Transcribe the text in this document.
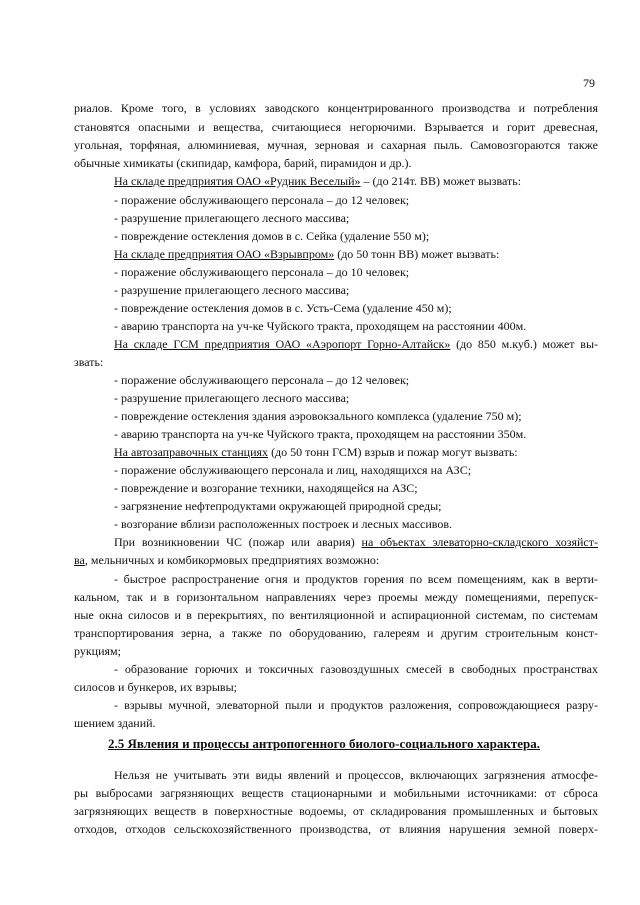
79
риалов. Кроме того, в условиях заводского концентрированного производства и потребления
становятся опасными и вещества, считающиеся негорючими. Взрывается и горит древесная,
угольная, торфяная, алюминиевая, мучная, зерновая и сахарная пыль. Самовозгораются также
обычные химикаты (скипидар, камфора, барий, пирамидон и др.).
На складе предприятия ОАО «Рудник Веселый» – (до 214т. ВВ) может вызвать:
- поражение обслуживающего персонала – до 12 человек;
- разрушение прилегающего лесного массива;
- повреждение остекления домов в с. Сейка (удаление 550 м);
На складе предприятия ОАО «Взрывпром» (до 50 тонн ВВ) может вызвать:
- поражение обслуживающего персонала – до 10 человек;
- разрушение прилегающего лесного массива;
- повреждение остекления домов в с. Усть-Сема (удаление 450 м);
- аварию транспорта на уч-ке Чуйского тракта, проходящем на расстоянии 400м.
На складе ГСМ предприятия ОАО «Аэропорт Горно-Алтайск» (до 850 м.куб.) может вы-
звать:
- поражение обслуживающего персонала – до 12 человек;
- разрушение прилегающего лесного массива;
- повреждение остекления здания аэровокзального комплекса (удаление 750 м);
- аварию транспорта на уч-ке Чуйского тракта, проходящем на расстоянии 350м.
На автозаправочных станциях (до 50 тонн ГСМ) взрыв и пожар могут вызвать:
- поражение обслуживающего персонала и лиц, находящихся на АЗС;
- повреждение и возгорание техники, находящейся на АЗС;
- загрязнение нефтепродуктами окружающей природной среды;
- возгорание вблизи расположенных построек и лесных массивов.
При возникновении ЧС (пожар или авария) на объектах элеваторно-складского хозяйст-
ва, мельничных и комбикормовых предприятиях возможно:
- быстрое распространение огня и продуктов горения по всем помещениям, как в верти-
кальном, так и в горизонтальном направлениях через проемы между помещениями, перепуск-
ные окна силосов и в перекрытиях, по вентиляционной и аспирационной системам, по системам
транспортирования зерна, а также по оборудованию, галереям и другим строительным конст-
рукциям;
- образование горючих и токсичных газовоздушных смесей в свободных пространствах
силосов и бункеров, их взрывы;
- взрывы мучной, элеваторной пыли и продуктов разложения, сопровождающиеся разру-
шением зданий.
2.5 Явления и процессы антропогенного биолого-социального характера.
Нельзя не учитывать эти виды явлений и процессов, включающих загрязнения атмосфе-
ры выбросами загрязняющих веществ стационарными и мобильными источниками: от сброса
загрязняющих веществ в поверхностные водоемы, от складирования промышленных и бытовых
отходов, отходов сельскохозяйственного производства, от влияния нарушения земной поверх-
